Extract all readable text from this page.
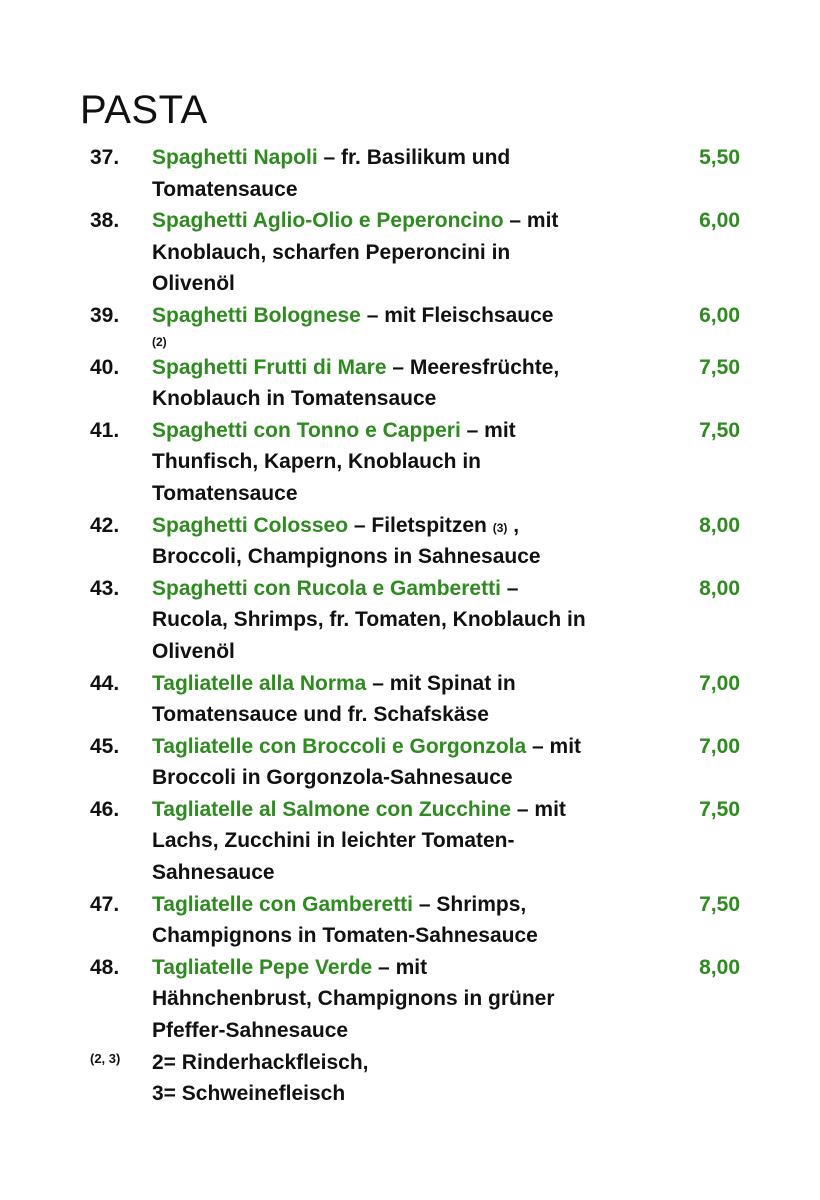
PASTA
37.	Spaghetti Napoli – fr. Basilikum und Tomatensauce
5,50
38.	Spaghetti Aglio-Olio e Peperoncino – mit Knoblauch, scharfen Peperoncini in Olivenöl
6,00
39.	Spaghetti Bolognese – mit Fleischsauce
(2)
6,00
40.	Spaghetti Frutti di Mare – Meeresfrüchte, Knoblauch in Tomatensauce
7,50
41.	Spaghetti con Tonno e Capperi – mit Thunfisch, Kapern, Knoblauch in Tomatensauce
7,50
42.	Spaghetti Colosseo – Filetspitzen (3) , Broccoli, Champignons in Sahnesauce
8,00
43.	Spaghetti con Rucola e Gamberetti – Rucola, Shrimps, fr. Tomaten, Knoblauch in Olivenöl
8,00
44.	Tagliatelle alla Norma – mit Spinat in Tomatensauce und fr. Schafskäse
7,00
45.	Tagliatelle con Broccoli e Gorgonzola – mit Broccoli in Gorgonzola-Sahnesauce
7,00
46.	Tagliatelle al Salmone con Zucchine – mit Lachs, Zucchini in leichter Tomaten-Sahnesauce
7,50
47.	Tagliatelle con Gamberetti – Shrimps, Champignons in Tomaten-Sahnesauce
7,50
48.	Tagliatelle Pepe Verde – mit Hähnchenbrust, Champignons in grüner Pfeffer-Sahnesauce
8,00
(2, 3)	2= Rinderhackfleisch,
3= Schweinefleisch
